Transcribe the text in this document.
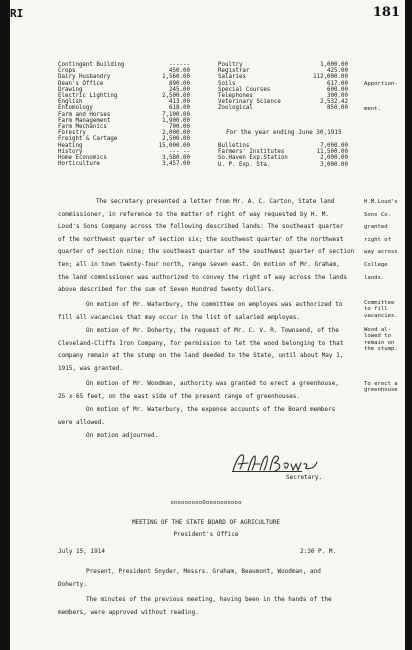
RI	181
Contingent Building	------
Crops	450.00
Dairy Husbandry	1,560.00
Dean's Office	890.00
Drawing	245.00
Electric Lighting	2,500.00
English	413.00
Entomology	618.00
Farm and Horses	7,100.00
Farm Management	1,900.00
Farm Mechanics	700.00
Forestry	2,000.00
Freight & Cartage	2,500.00
Heating	15,000.00
History	--- --
Home Economics	3,580.00
Horticulture	3,457.00
Poultry	1,000.00
Registrar	425.00
Salaries	112,000.00
Soils	617.00
Special Courses	600.00
Telephones	300.00
Veterinary Science	2,532.42
Zoological	850.00
For the year ending June 30,1915
Bulletins	7,000.00
Farmers' Institutes	11,500.00
So.Haven Exp.Station	2,000.00
U. P. Exp. Sta.	3,000.00
Apportion-

ment.
H.M.Loud's
Sons Co.
granted
right of
way across
College
lands.
Committee
to fill
vacancies.
Wood al-
lowed to
remain on
the stump.
To erect a
greenhouse
The secretary presented a letter from Mr. A. C. Carton, State land
commissioner, in reference to the matter of right of way requested by H. M.
Loud's Sons Company across the following described lands: The southeast quarter
of the northwest quarter of section six; the southwest quarter of the northwest
quarter of section nine; the southeast quarter of the southwest quarter of section
ten; all in town twenty-four north, range seven east. On motion of Mr. Graham,
the land commissioner was authorized to convey the right of way across the lands
above described for the sum of Seven Hundred twenty dollars.
On motion of Mr. Waterbury, the committee on employes was authorized to
fill all vacancies that may occur in the list of salaried employes.
On motion of Mr. Doherty, the request of Mr. C. V. R. Townsend, of the
Cleveland-Cliffs Iron Company, for permission to let the wood belonging to that
company remain at the stump on the land deeded to the State, until about May 1,
1915, was granted.
On motion of Mr. Woodman, authority was granted to erect a greenhouse,
25 x 65 feet, on the east side of the present range of greenhouses.
On motion of Mr. Waterbury, the expense accounts of the Board members
were allowed.
On motion adjourned.
Secretary.
oooooooooOoooooooooo
MEETING OF THE STATE BOARD OF AGRICULTURE
President's Office
July 15, 1914	2:30 P. M.
Present, President Snyder, Messrs. Graham, Beaumont, Woodman, and
Doherty.
The minutes of the previous meeting, having been in the hands of the
members, were approved without reading.
